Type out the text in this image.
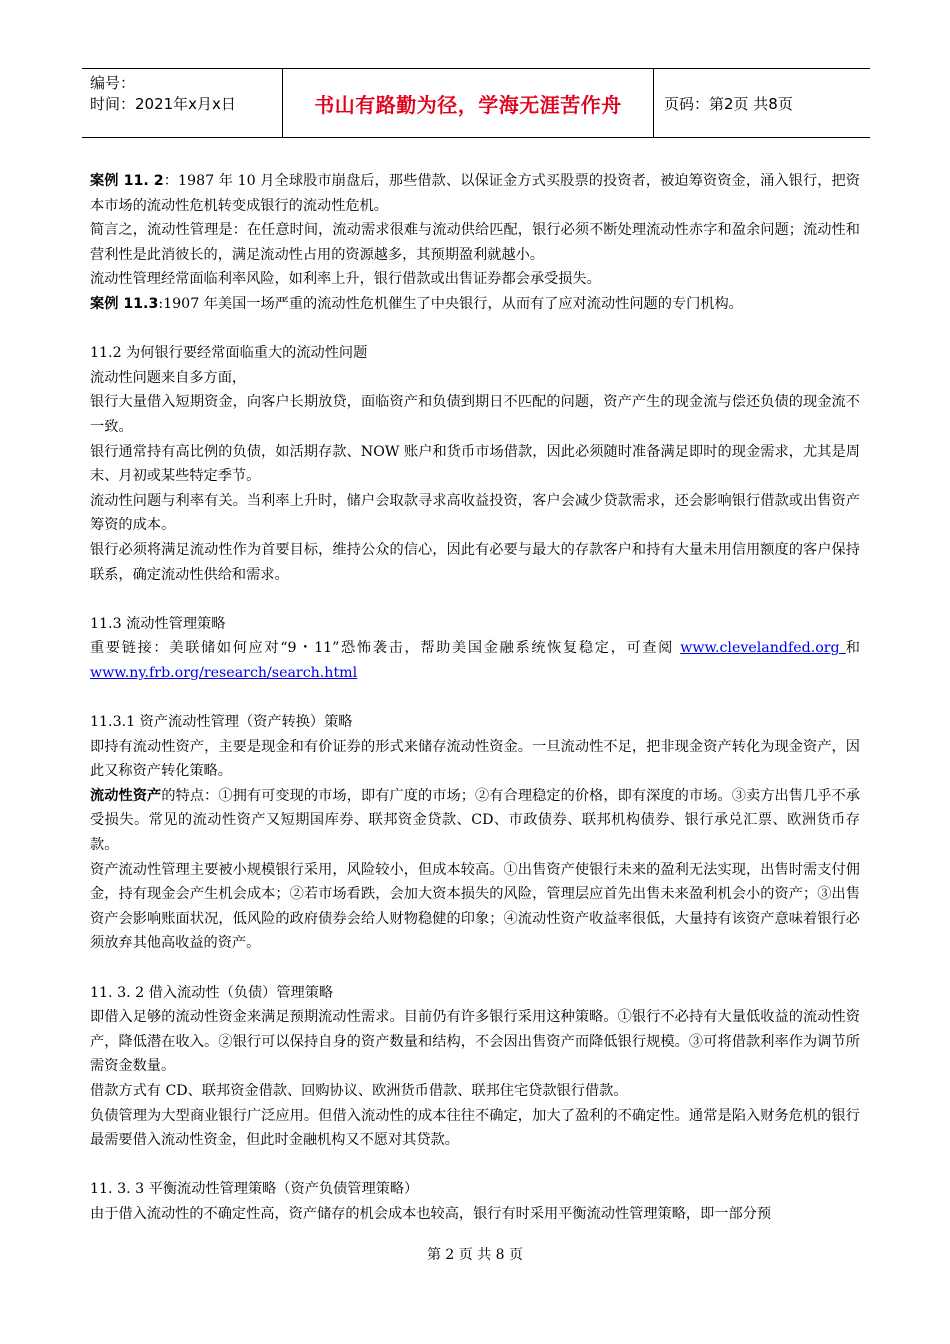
编号：
时间：2021年x月x日	书山有路勤为径，学海无涯苦作舟	页码：第2页 共8页

案例 11. 2：1987 年 10 月全球股市崩盘后，那些借款、以保证金方式买股票的投资者，被迫筹资资金，涌入银行，把资本市场的流动性危机转变成银行的流动性危机。

简言之，流动性管理是：在任意时间，流动需求很难与流动供给匹配，银行必须不断处理流动性赤字和盈余问题；流动性和营利性是此消彼长的，满足流动性占用的资源越多，其预期盈利就越小。

流动性管理经常面临利率风险，如利率上升，银行借款或出售证券都会承受损失。

案例 11.3:1907 年美国一场严重的流动性危机催生了中央银行，从而有了应对流动性问题的专门机构。

11.2 为何银行要经常面临重大的流动性问题

流动性问题来自多方面，

银行大量借入短期资金，向客户长期放贷，面临资产和负债到期日不匹配的问题，资产产生的现金流与偿还负债的现金流不一致。

银行通常持有高比例的负债，如活期存款、NOW 账户和货币市场借款，因此必须随时准备满足即时的现金需求，尤其是周末、月初或某些特定季节。

流动性问题与利率有关。当利率上升时，储户会取款寻求高收益投资，客户会减少贷款需求，还会影响银行借款或出售资产筹资的成本。

银行必须将满足流动性作为首要目标，维持公众的信心，因此有必要与最大的存款客户和持有大量未用信用额度的客户保持联系，确定流动性供给和需求。

11.3 流动性管理策略

重要链接：美联储如何应对“9・11”恐怖袭击，帮助美国金融系统恢复稳定，可查阅 www.clevelandfed.org 和www.ny.frb.org/research/search.html

11.3.1 资产流动性管理（资产转换）策略

即持有流动性资产，主要是现金和有价证券的形式来储存流动性资金。一旦流动性不足，把非现金资产转化为现金资产，因此又称资产转化策略。

流动性资产的特点：①拥有可变现的市场，即有广度的市场；②有合理稳定的价格，即有深度的市场。③卖方出售几乎不承受损失。常见的流动性资产又短期国库券、联邦资金贷款、CD、市政债券、联邦机构债券、银行承兑汇票、欧洲货币存款。

资产流动性管理主要被小规模银行采用，风险较小，但成本较高。①出售资产使银行未来的盈利无法实现，出售时需支付佣金，持有现金会产生机会成本；②若市场看跌，会加大资本损失的风险，管理层应首先出售未来盈利机会小的资产；③出售资产会影响账面状况，低风险的政府债券会给人财物稳健的印象；④流动性资产收益率很低，大量持有该资产意味着银行必须放弃其他高收益的资产。

11. 3. 2 借入流动性（负债）管理策略

即借入足够的流动性资金来满足预期流动性需求。目前仍有许多银行采用这种策略。①银行不必持有大量低收益的流动性资产，降低潜在收入。②银行可以保持自身的资产数量和结构，不会因出售资产而降低银行规模。③可将借款利率作为调节所需资金数量。

借款方式有 CD、联邦资金借款、回购协议、欧洲货币借款、联邦住宅贷款银行借款。

负债管理为大型商业银行广泛应用。但借入流动性的成本往往不确定，加大了盈利的不确定性。通常是陷入财务危机的银行最需要借入流动性资金，但此时金融机构又不愿对其贷款。

11. 3. 3 平衡流动性管理策略（资产负债管理策略）

由于借入流动性的不确定性高，资产储存的机会成本也较高，银行有时采用平衡流动性管理策略，即一部分预

第 2 页 共 8 页
